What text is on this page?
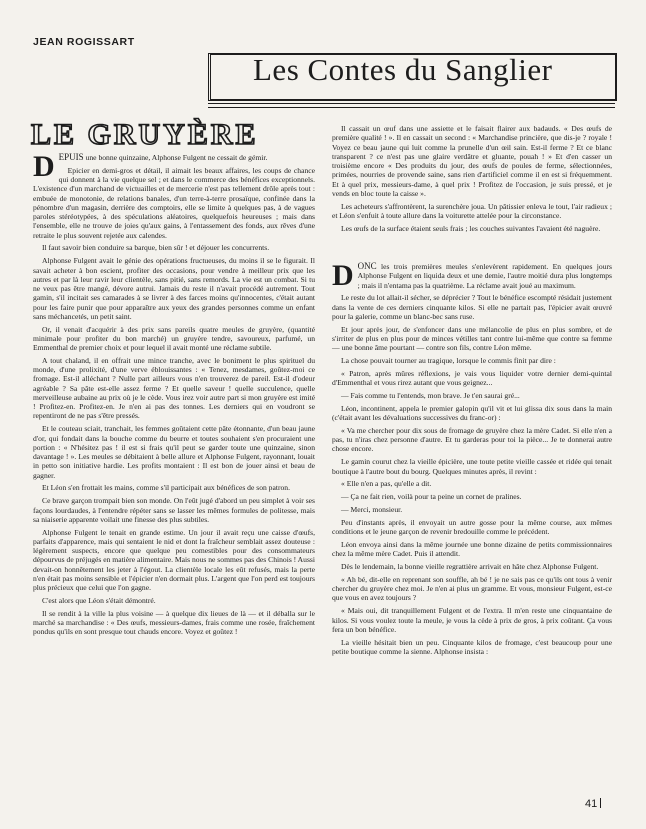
JEAN ROGISSART
Les Contes du Sanglier
LE GRUYÈRE

DEPUIS une bonne quinzaine, Alphonse Fulgent ne cessait de gémir.

Epicier en demi-gros et détail, il aimait les beaux affaires, les coups de chance qui donnent à la vie quelque sel ; et dans le commerce des bénéfices exceptionnels. L'existence d'un marchand de victuailles et de mercerie n'est pas tellement drôle après tout : embuée de monotonie, de relations banales, d'un terre-à-terre prosaïque, confinée dans la pénombre d'un magasin, derrière des comptoirs, elle se limite à quelques pas, à de vagues paroles stéréotypées, à des spéculations aléatoires, quelquefois heureuses ; mais dans l'ensemble, elle ne trouve de joies qu'aux gains, à l'entassement des fonds, aux rêves d'une retraite le plus souvent rejetée aux calendes.

Il faut savoir bien conduire sa barque, bien sûr ! et déjouer les concurrents.

Alphonse Fulgent avait le génie des opérations fructueuses, du moins il se le figurait. Il savait acheter à bon escient, profiter des occasions, pour vendre à meilleur prix que les autres et par là leur ravir leur clientèle, sans pitié, sans remords. La vie est un combat. Si tu ne veux pas être mangé, dévore autrui. Jamais du reste il n'avait procédé autrement. Tout gamin, s'il incitait ses camarades à se livrer à des farces moins qu'innocentes, c'était autant pour les faire punir que pour apparaître aux yeux des grandes personnes comme un enfant sans méchancetés, un petit saint.

Or, il venait d'acquérir à des prix sans pareils quatre meules de gruyère, (quantité minimale pour profiter du bon marché) un gruyère tendre, savoureux, parfumé, un Emmenthal de premier choix et pour lequel il avait monté une réclame subtile.

A tout chaland, il en offrait une mince tranche, avec le boniment le plus spirituel du monde, d'une prolixité, d'une verve éblouissantes : « Tenez, mesdames, goûtez-moi ce fromage. Est-il alléchant ? Nulle part ailleurs vous n'en trouverez de pareil. Est-il d'odeur agréable ? Sa pâte est-elle assez ferme ? Et quelle saveur ! quelle succulence, quelle merveilleuse aubaine au prix où je le cède. Vous irez voir autre part si mon gruyère est imité ! Profitez-en. Profitez-en. Je n'en ai pas des tonnes. Les derniers qui en voudront se repentiront de ne pas s'être pressés.

Et le couteau sciait, tranchait, les femmes goûtaient cette pâte étonnante, d'un beau jaune d'or, qui fondait dans la bouche comme du beurre et toutes souhaient s'en procuraient une portion : « N'hésitez pas ! il est si frais qu'il peut se garder toute une quinzaine, sinon davantage ! ». Les meules se débitaient à belle allure et Alphonse Fulgent, rayonnant, louait in petto son initiative hardie. Les profits montaient : Il est bon de jouer ainsi et beau de gagner.

Et Léon s'en frottait les mains, comme s'il participait aux bénéfices de son patron.

Ce brave garçon trompait bien son monde. On l'eût jugé d'abord un peu simplet à voir ses façons lourdaudes, à l'entendre répéter sans se lasser les mêmes formules de politesse, mais sa niaiserie apparente voilait une finesse des plus subtiles.

Alphonse Fulgent le tenait en grande estime. Un jour il avait reçu une caisse d'œufs, parfaits d'apparence, mais qui sentaient le nid et dont la fraîcheur semblait assez douteuse : légèrement suspects, encore que quelque peu comestibles pour des consommateurs dépourvus de préjugés en matière alimentaire. Mais nous ne sommes pas des Chinois ! Aussi devait-on honnêtement les jeter à l'égout. La clientèle locale les eût refusés, mais la perte n'en était pas moins sensible et l'épicier n'en dormait plus. L'argent que l'on perd est toujours plus précieux que celui que l'on gagne.

C'est alors que Léon s'était démontré.

Il se rendit à la ville la plus voisine — à quelque dix lieues de là — et il déballa sur le marché sa marchandise : « Des œufs, messieurs-dames, frais comme une rosée, fraîchement pondus qu'ils en sont presque tout chauds encore. Voyez et goûtez !

Il cassait un œuf dans une assiette et le faisait flairer aux badauds. « Des œufs de première qualité ! ». Il en cassait un second : « Marchandise princière, que dis-je ? royale ! Voyez ce beau jaune qui luit comme la prunelle d'un œil sain. Est-il ferme ? Et ce blanc transparent ? ce n'est pas une glaire verdâtre et gluante, pouah ! » Et d'en casser un troisième encore « Des produits du jour, des œufs de poules de ferme, sélectionnées, primées, nourries de provende saine, sans rien d'artificiel comme il en est si fréquemment. Et à quel prix, messieurs-dame, à quel prix ! Profitez de l'occasion, je suis pressé, et je vends en bloc toute la caisse ».

Les acheteurs s'affrontèrent, la surenchère joua. Un pâtissier enleva le tout, l'air radieux ; et Léon s'enfuit à toute allure dans la voiturette attelée pour la circonstance.

Les œufs de la surface étaient seuls frais ; les couches suivantes l'avaient été naguère.

DONC les trois premières meules s'enlevèrent rapidement. En quelques jours Alphonse Fulgent en liquida deux et une demie, l'autre moitié dura plus longtemps ; mais il n'entama pas la quatrième. La réclame avait joué au maximum.

Le reste du lot allait-il sécher, se déprécier ? Tout le bénéfice escompté résidait justement dans la vente de ces derniers cinquante kilos. Si elle ne partait pas, l'épicier avait œuvré pour la galerie, comme un blanc-bec sans ruse.

Et jour après jour, de s'enfoncer dans une mélancolie de plus en plus sombre, et de s'irriter de plus en plus pour de minces vétilles tant contre lui-même que contre sa femme — une bonne âme pourtant — contre son fils, contre Léon même.

La chose pouvait tourner au tragique, lorsque le commis finit par dire :

« Patron, après mûres réflexions, je vais vous liquider votre dernier demi-quintal d'Emmenthal et vous rirez autant que vous geignez...

— Fais comme tu l'entends, mon brave. Je t'en saurai gré...

Léon, incontinent, appela le premier galopin qu'il vit et lui glissa dix sous dans la main (c'était avant les dévaluations successives du franc-or) :

« Va me chercher pour dix sous de fromage de gruyère chez la mère Cadet. Si elle n'en a pas, tu n'iras chez personne d'autre. Et tu garderas pour toi la pièce... Je te donnerai autre chose encore.

Le gamin courut chez la vieille épicière, une toute petite vieille cassée et ridée qui tenait boutique à l'autre bout du bourg. Quelques minutes après, il revint :

« Elle n'en a pas, qu'elle a dit.

— Ça ne fait rien, voilà pour ta peine un cornet de pralines.

— Merci, monsieur.

Peu d'instants après, il envoyait un autre gosse pour la même course, aux mêmes conditions et le jeune garçon de revenir bredouille comme le précédent.

Léon envoya ainsi dans la même journée une bonne dizaine de petits commissionnaires chez la même mère Cadet. Puis il attendit.

Dès le lendemain, la bonne vieille regrattière arrivait en hâte chez Alphonse Fulgent.

« Ah bé, dit-elle en reprenant son souffle, ah bé ! je ne sais pas ce qu'ils ont tous à venir chercher du gruyère chez moi. Je n'en ai plus un gramme. Et vous, monsieur Fulgent, est-ce que vous en avez toujours ?

« Mais oui, dit tranquillement Fulgent et de l'extra. Il m'en reste une cinquantaine de kilos. Si vous voulez toute la meule, je vous la cède à prix de gros, à prix coûtant. Ça vous fera un bon bénéfice.

La vieille hésitait bien un peu. Cinquante kilos de fromage, c'est beaucoup pour une petite boutique comme la sienne. Alphonse insista :

41
